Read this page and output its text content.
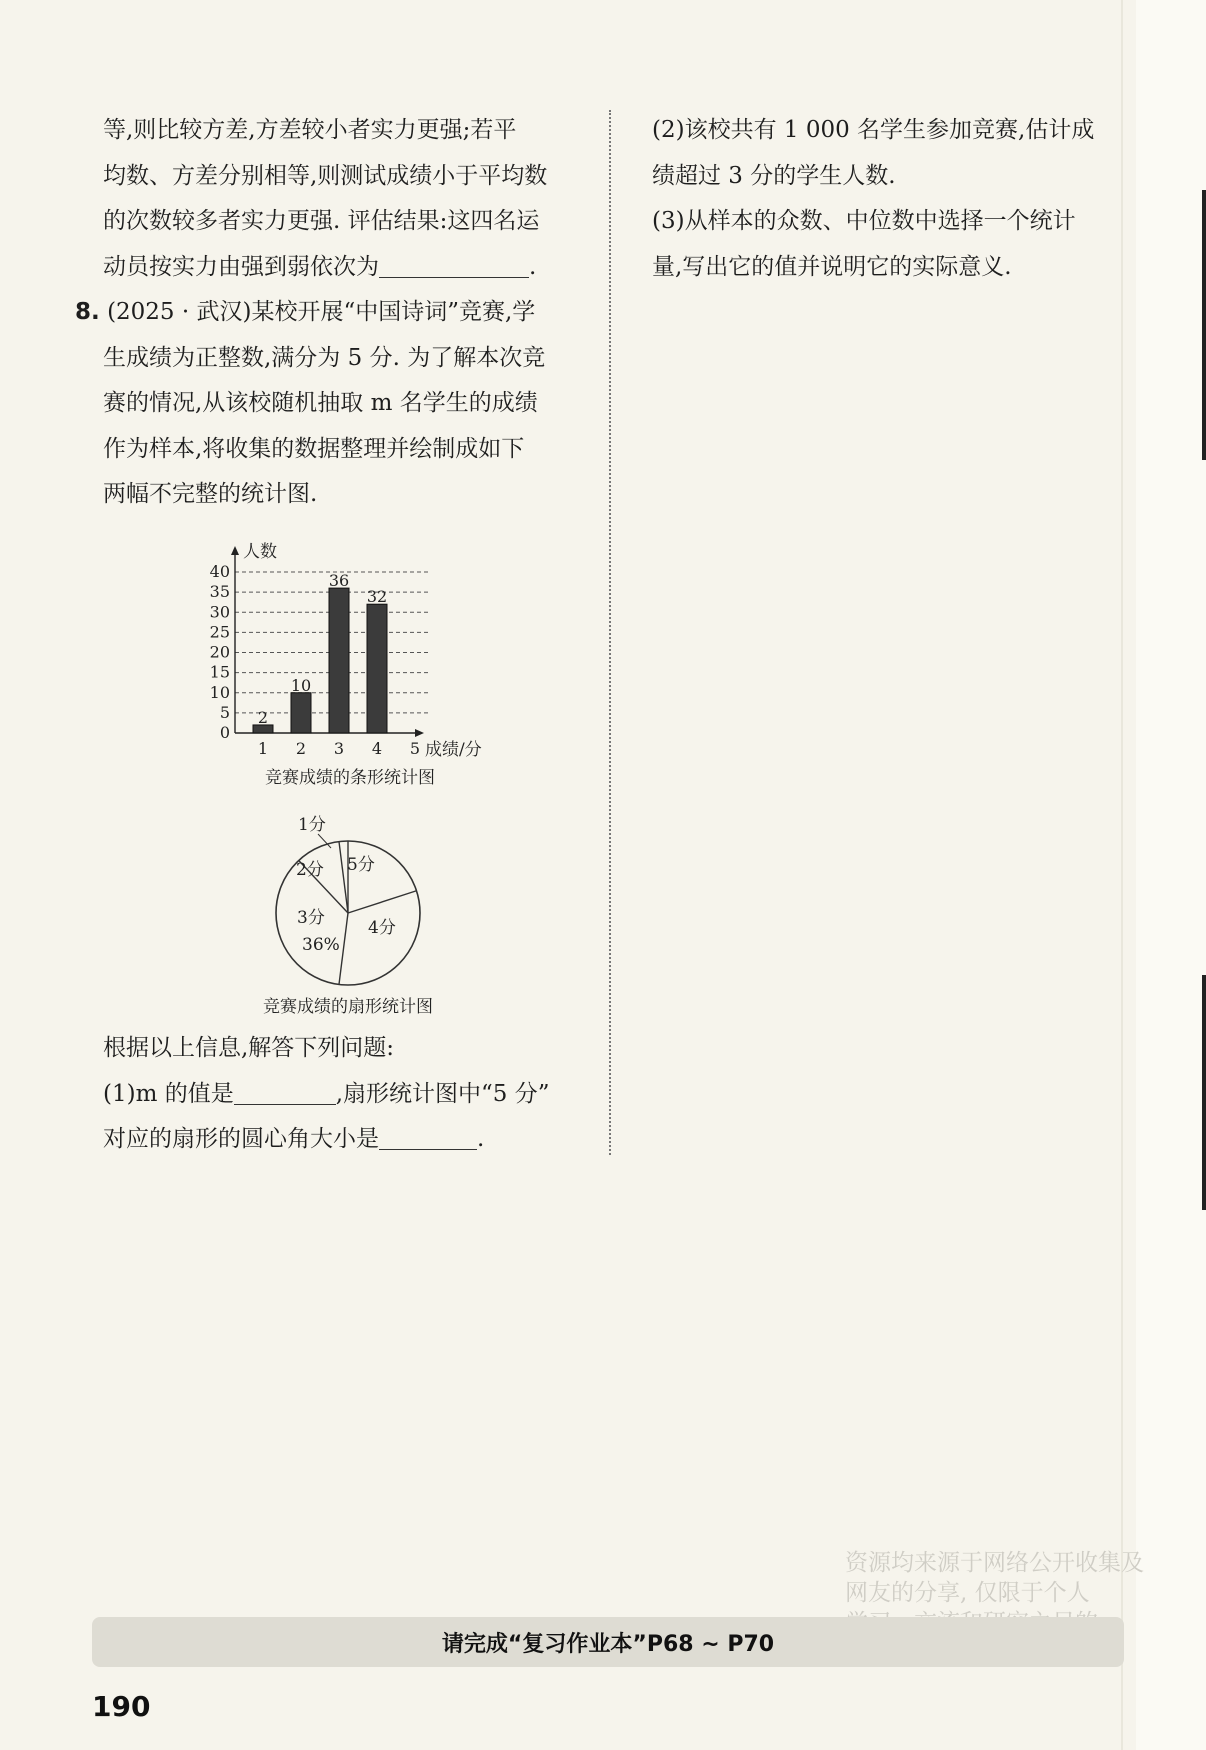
等,则比较方差,方差较小者实力更强;若平
均数、方差分别相等,则测试成绩小于平均数
的次数较多者实力更强. 评估结果:这四名运
动员按实力由强到弱依次为	.
8. (2025 · 武汉)某校开展“中国诗词”竞赛,学
生成绩为正整数,满分为 5 分. 为了解本次竞
赛的情况,从该校随机抽取 m 名学生的成绩
作为样本,将收集的数据整理并绘制成如下
两幅不完整的统计图.
0
5
10
15
20
25
30
35
40
2
10
36
32
1 2 3 4 5
人数
成绩/分
竞赛成绩的条形统计图
1分
2分 5分
4分
3分
36%
竞赛成绩的扇形统计图
根据以上信息,解答下列问题:
(1)m 的值是	,扇形统计图中“5 分”
对应的扇形的圆心角大小是	.
(2)该校共有 1 000 名学生参加竞赛,估计成
绩超过 3 分的学生人数.
(3)从样本的众数、中位数中选择一个统计
量,写出它的值并说明它的实际意义.
资源均来源于网络公开收集及
网友的分享, 仅限于个人
请完成“复习作业本”P68 ~ P70
190
